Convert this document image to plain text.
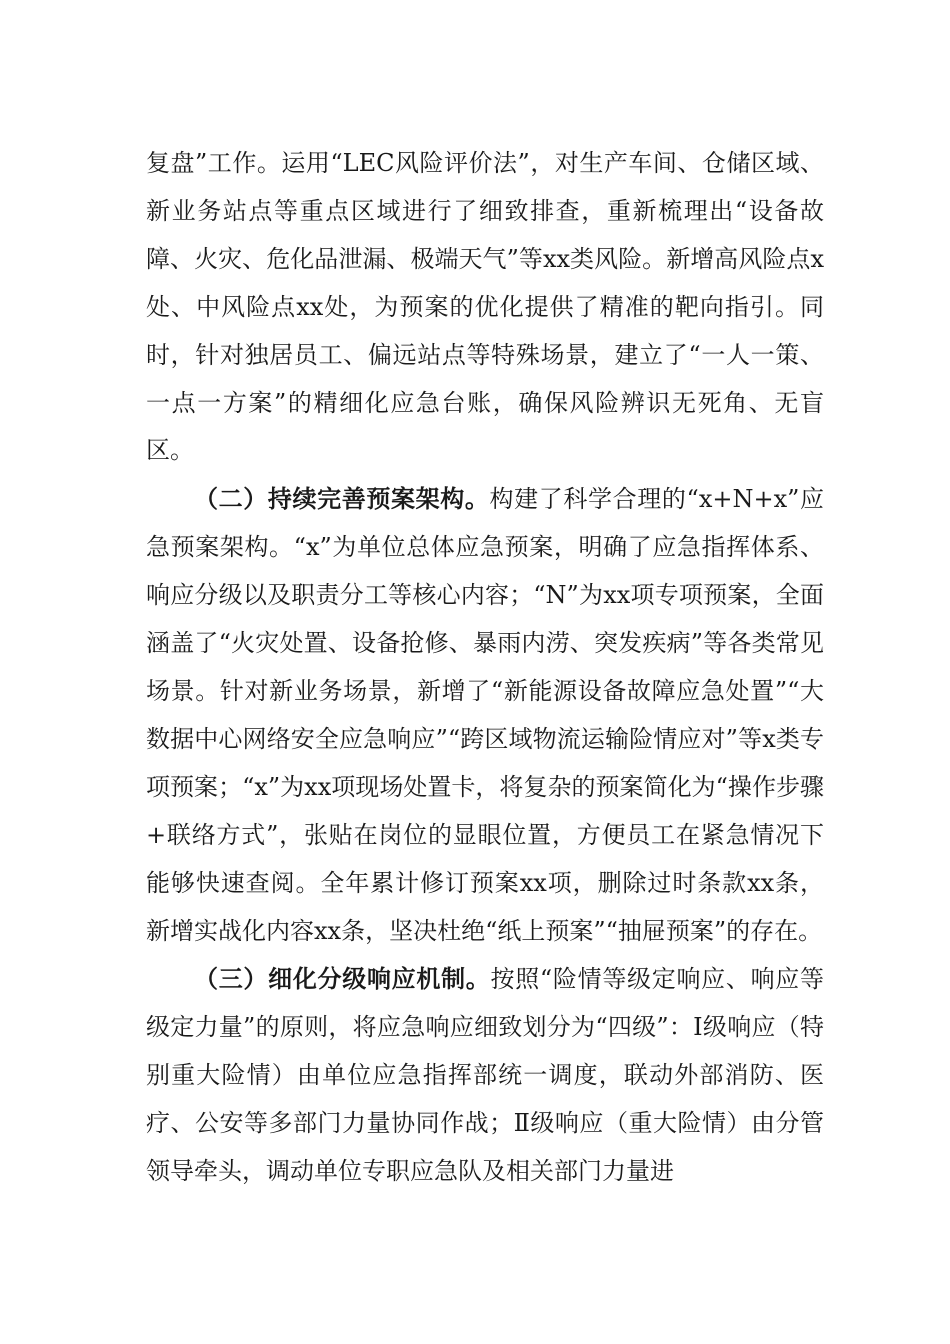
复盘”工作。运用“LEC风险评价法”，对生产车间、仓储区域、新业务站点等重点区域进行了细致排查，重新梳理出“设备故障、火灾、危化品泄漏、极端天气”等xx类风险。新增高风险点x处、中风险点xx处，为预案的优化提供了精准的靶向指引。同时，针对独居员工、偏远站点等特殊场景，建立了“一人一策、一点一方案”的精细化应急台账，确保风险辨识无死角、无盲区。

（二）持续完善预案架构。构建了科学合理的“x+N+x”应急预案架构。“x”为单位总体应急预案，明确了应急指挥体系、响应分级以及职责分工等核心内容；“N”为xx项专项预案，全面涵盖了“火灾处置、设备抢修、暴雨内涝、突发疾病”等各类常见场景。针对新业务场景，新增了“新能源设备故障应急处置”“大数据中心网络安全应急响应”“跨区域物流运输险情应对”等x类专项预案；“x”为xx项现场处置卡，将复杂的预案简化为“操作步骤+联络方式”，张贴在岗位的显眼位置，方便员工在紧急情况下能够快速查阅。全年累计修订预案xx项，删除过时条款xx条，新增实战化内容xx条，坚决杜绝“纸上预案”“抽屉预案”的存在。

（三）细化分级响应机制。按照“险情等级定响应、响应等级定力量”的原则，将应急响应细致划分为“四级”：Ⅰ级响应（特别重大险情）由单位应急指挥部统一调度，联动外部消防、医疗、公安等多部门力量协同作战；Ⅱ级响应（重大险情）由分管领导牵头，调动单位专职应急队及相关部门力量进
